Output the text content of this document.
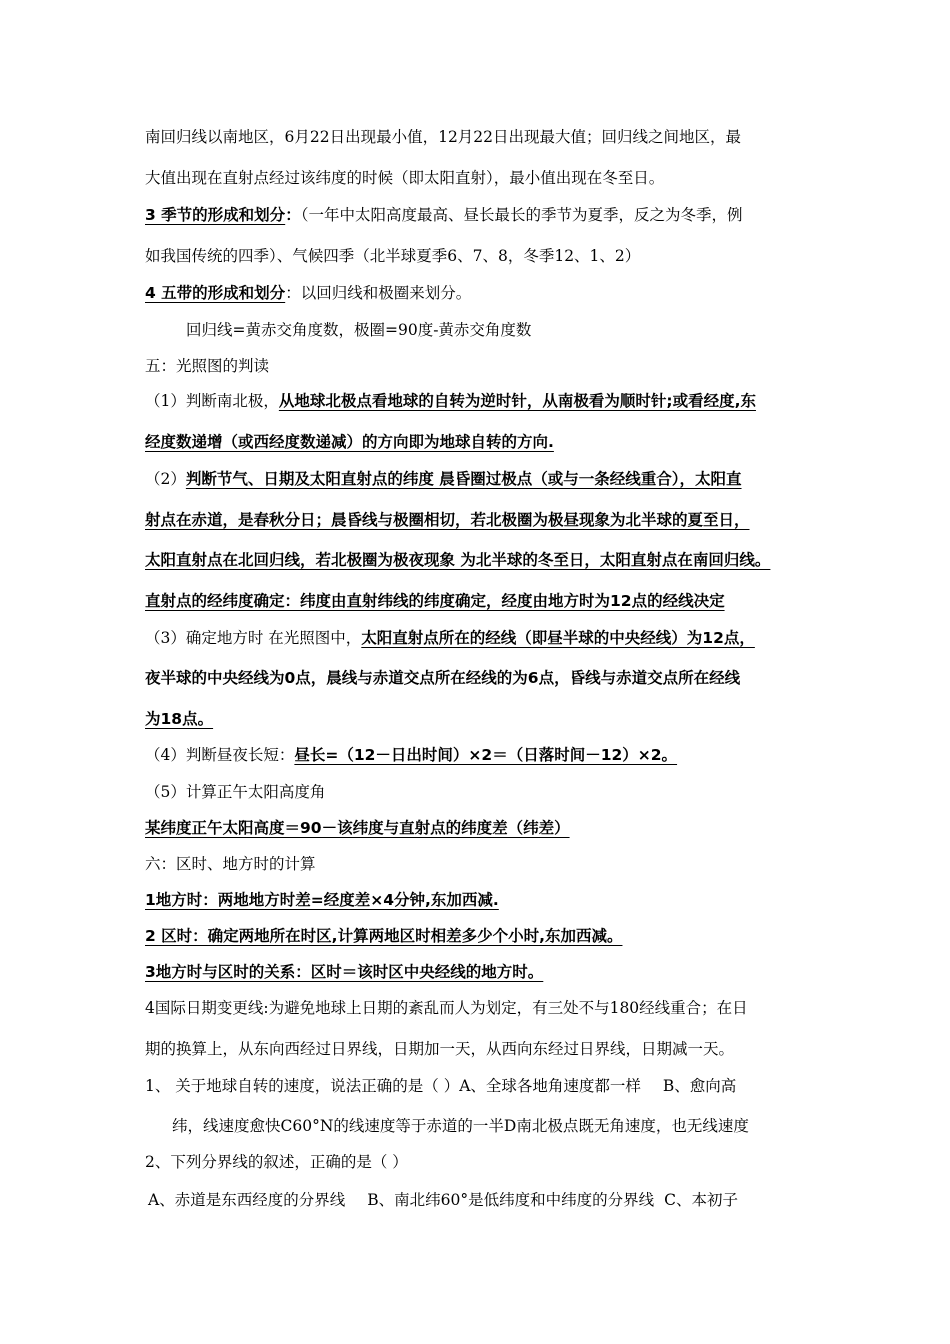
南回归线以南地区，6月22日出现最小值，12月22日出现最大值；回归线之间地区，最
大值出现在直射点经过该纬度的时候（即太阳直射），最小值出现在冬至日。
3 季节的形成和划分：（一年中太阳高度最高、昼长最长的季节为夏季，反之为冬季，例
如我国传统的四季）、气候四季（北半球夏季6、7、8，冬季12、1、2）
4 五带的形成和划分：以回归线和极圈来划分。
回归线=黄赤交角度数，极圈=90度-黄赤交角度数
五：光照图的判读
（1）判断南北极，从地球北极点看地球的自转为逆时针，从南极看为顺时针;或看经度,东
经度数递增（或西经度数递减）的方向即为地球自转的方向.
（2）判断节气、日期及太阳直射点的纬度 晨昏圈过极点（或与一条经线重合），太阳直
射点在赤道，是春秋分日；晨昏线与极圈相切，若北极圈为极昼现象为北半球的夏至日，
太阳直射点在北回归线，若北极圈为极夜现象 为北半球的冬至日，太阳直射点在南回归线。
直射点的经纬度确定：纬度由直射纬线的纬度确定，经度由地方时为12点的经线决定
（3）确定地方时 在光照图中，太阳直射点所在的经线（即昼半球的中央经线）为12点，
夜半球的中央经线为0点，晨线与赤道交点所在经线的为6点，昏线与赤道交点所在经线
为18点。
（4）判断昼夜长短：昼长=（12－日出时间）×2＝（日落时间－12）×2。
（5）计算正午太阳高度角
某纬度正午太阳高度＝90－该纬度与直射点的纬度差（纬差）
六：区时、地方时的计算
1地方时：两地地方时差=经度差×4分钟,东加西减.
2 区时：确定两地所在时区,计算两地区时相差多少个小时,东加西减。
3地方时与区时的关系：区时＝该时区中央经线的地方时。
4国际日期变更线:为避免地球上日期的紊乱而人为划定，有三处不与180经线重合；在日
期的换算上，从东向西经过日界线，日期加一天，从西向东经过日界线，日期减一天。
1、 关于地球自转的速度，说法正确的是（ ）A、全球各地角速度都一样 B、愈向高
纬，线速度愈快C60°N的线速度等于赤道的一半D南北极点既无角速度，也无线速度
2、下列分界线的叙述，正确的是（ ）
A、赤道是东西经度的分界线 B、南北纬60°是低纬度和中纬度的分界线 C、本初子
